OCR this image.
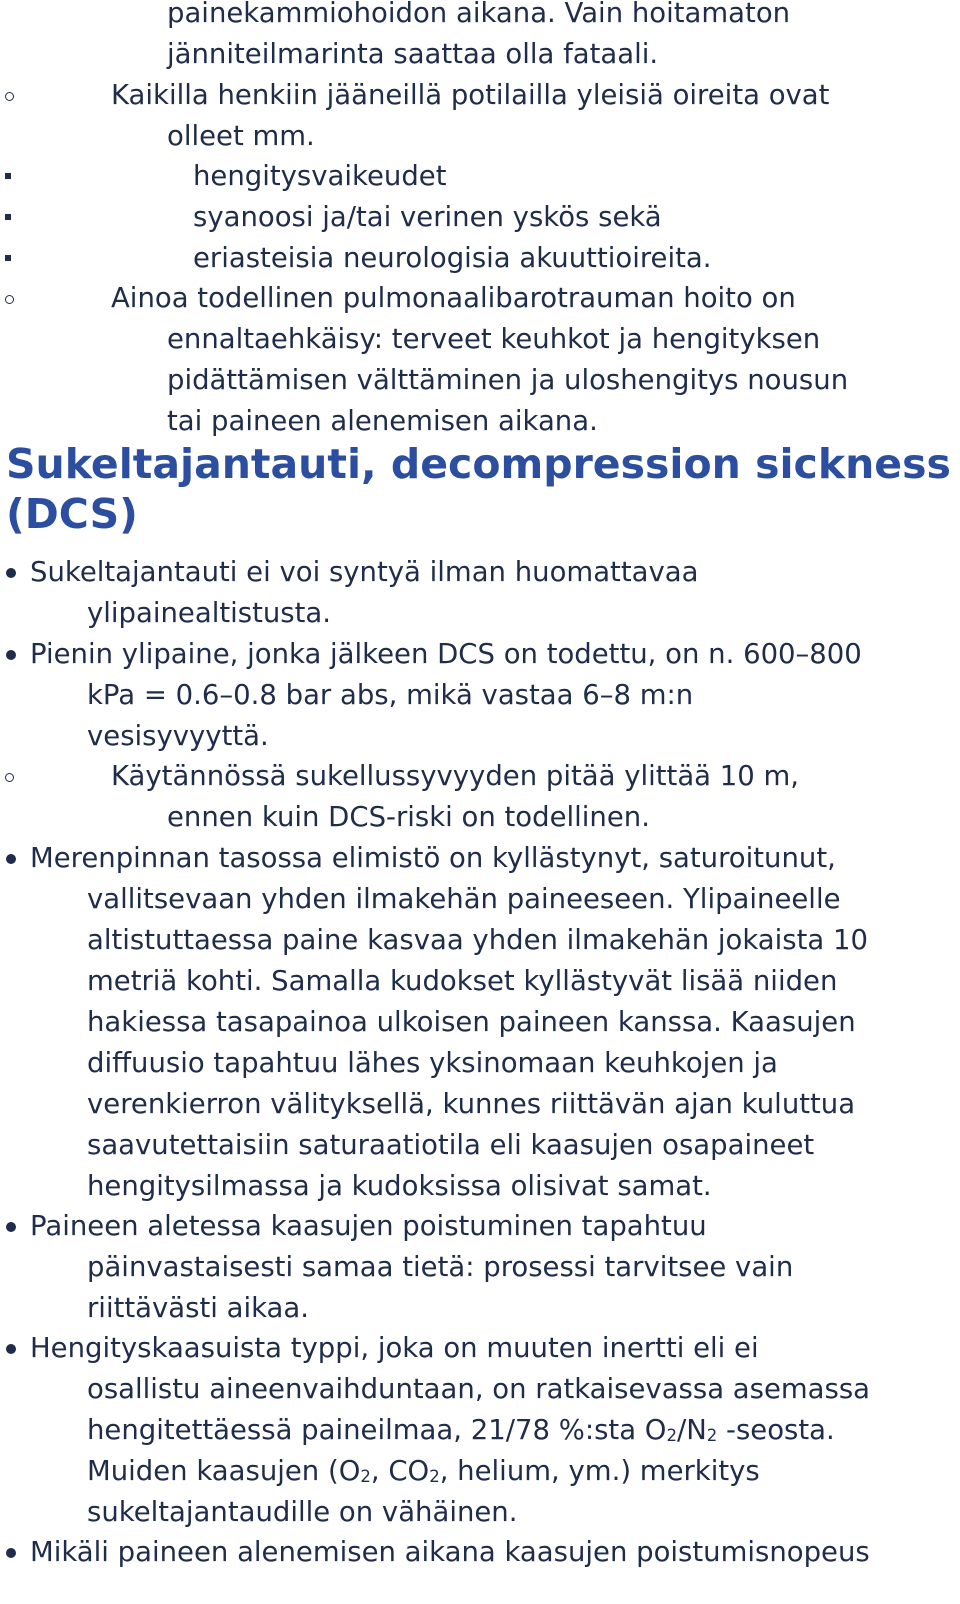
painekammiohoidon aikana. Vain hoitamaton

jänniteilmarinta saattaa olla fataali.

Kaikilla henkiin jääneillä potilailla yleisiä oireita ovat

olleet mm.

hengitysvaikeudet

syanoosi ja/tai verinen yskös sekä

eriasteisia neurologisia akuuttioireita.

Ainoa todellinen pulmonaalibarotrauman hoito on

ennaltaehkäisy: terveet keuhkot ja hengityksen

pidättämisen välttäminen ja uloshengitys nousun

tai paineen alenemisen aikana.

Sukeltajantauti, decompression sickness
(DCS)

Sukeltajantauti ei voi syntyä ilman huomattavaa

ylipainealtistusta.

Pienin ylipaine, jonka jälkeen DCS on todettu, on n. 600–800

kPa = 0.6–0.8 bar abs, mikä vastaa 6–8 m:n

vesisyvyyttä.

Käytännössä sukellussyvyyden pitää ylittää 10 m,

ennen kuin DCS-riski on todellinen.

Merenpinnan tasossa elimistö on kyllästynyt, saturoitunut,

vallitsevaan yhden ilmakehän paineeseen. Ylipaineelle

altistuttaessa paine kasvaa yhden ilmakehän jokaista 10

metriä kohti. Samalla kudokset kyllästyvät lisää niiden

hakiessa tasapainoa ulkoisen paineen kanssa. Kaasujen

diffuusio tapahtuu lähes yksinomaan keuhkojen ja

verenkierron välityksellä, kunnes riittävän ajan kuluttua

saavutettaisiin saturaatiotila eli kaasujen osapaineet

hengitysilmassa ja kudoksissa olisivat samat.

Paineen aletessa kaasujen poistuminen tapahtuu

päinvastaisesti samaa tietä: prosessi tarvitsee vain

riittävästi aikaa.

Hengityskaasuista typpi, joka on muuten inertti eli ei

osallistu aineenvaihduntaan, on ratkaisevassa asemassa

hengitettäessä paineilmaa, 21/78 %:sta $O_2/N_2$ -seosta.

Muiden kaasujen ($O_2$, $CO_2$, helium, ym.) merkitys

sukeltajantaudille on vähäinen.

Mikäli paineen alenemisen aikana kaasujen poistumisnopeus
